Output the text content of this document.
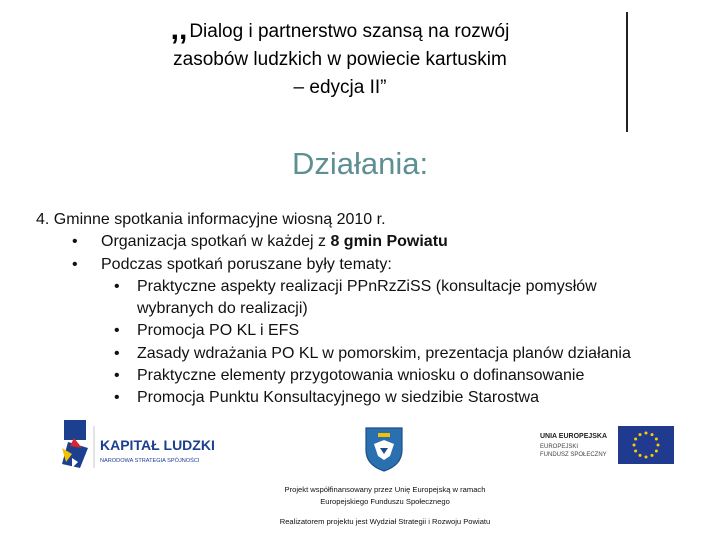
,, Dialog i partnerstwo szansą na rozwój
zasobów ludzkich w powiecie kartuskim
– edycja II”
Działania:
4. Gminne spotkania informacyjne wiosną 2010 r.
• Organizacja spotkań w każdej z 8 gmin Powiatu
• Podczas spotkań poruszane były tematy:
• Praktyczne aspekty realizacji PPnRzZiSS (konsultacje pomysłów
wybranych do realizacji)
• Promocja PO KL i EFS
• Zasady wdrażania PO KL w pomorskim, prezentacja planów działania
• Praktyczne elementy przygotowania wniosku o dofinansowanie
• Promocja Punktu Konsultacyjnego w siedzibie Starostwa
KAPITAŁ LUDZKI
NARODOWA STRATEGIA SPÓJNOŚCI
UNIA EUROPEJSKA
EUROPEJSKI
FUNDUSZ SPOŁECZNY
Projekt współfinansowany przez Unię Europejską w ramach
Europejskiego Funduszu Społecznego
Realizatorem projektu jest Wydział Strategii i Rozwoju Powiatu
